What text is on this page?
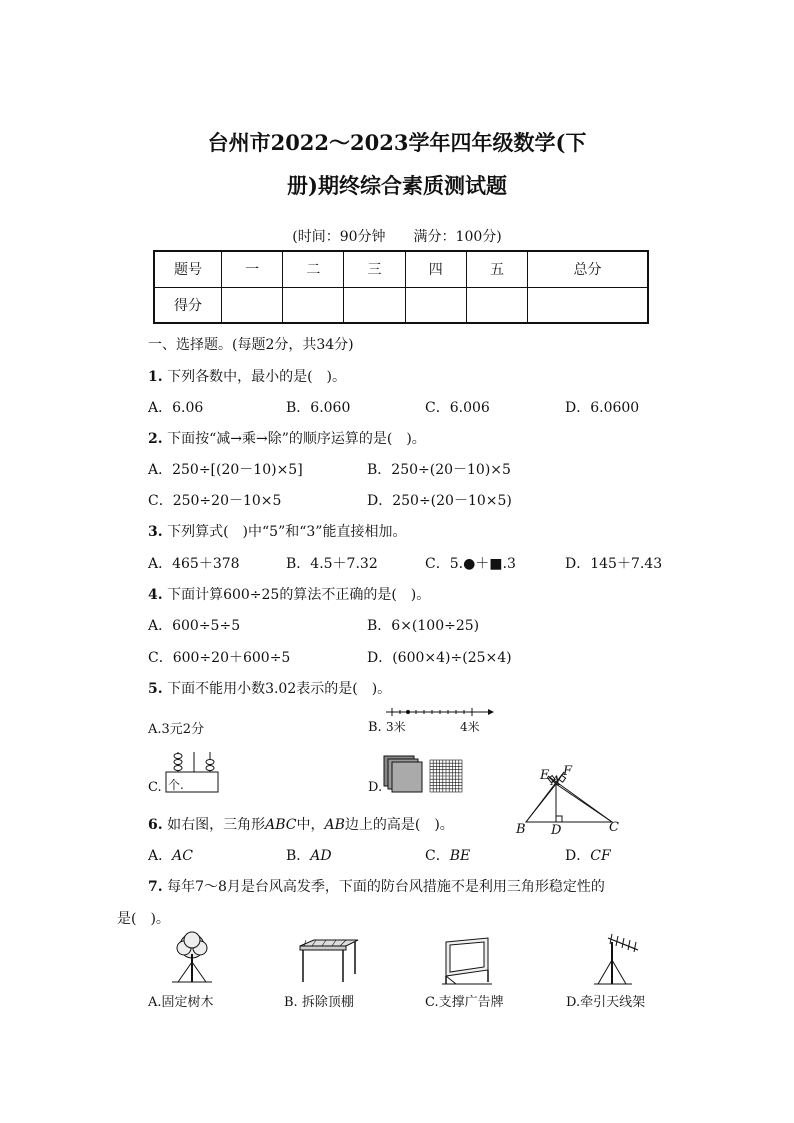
台州市2022～2023学年四年级数学(下
册)期终综合素质测试题
(时间：90分钟　　满分：100分)
题号	一	二	三	四	五	总分
得分						
一、选择题。(每题2分，共34分)
1. 下列各数中，最小的是(　)。
A．6.06	B．6.060	C．6.006	D．6.0600
2. 下面按“减→乘→除”的顺序运算的是(　)。
A．250÷[(20－10)×5]	B．250÷(20－10)×5
C．250÷20－10×5	D．250÷(20－10×5)
3. 下列算式(　)中“5”和“3”能直接相加。
A．465＋378	B．4.5＋7.32	C．5.●＋■.3	D．145＋7.43
4. 下面计算600÷25的算法不正确的是(　)。
A．600÷5÷5	B．6×(100÷25)
C．600÷20＋600÷5	D．(600×4)÷(25×4)
5. 下面不能用小数3.02表示的是(　)。
A.3元2分	B. 3米	4米
C. 个.	D.
E A
F
B D	C
6. 如右图，三角形ABC中，AB边上的高是(　)。
A．AC	B．AD	C．BE	D．CF
7. 每年7～8月是台风高发季，下面的防台风措施不是利用三角形稳定性的
是(　)。
A.固定树木	B. 拆除顶棚	C.支撑广告牌	D.牵引天线架
